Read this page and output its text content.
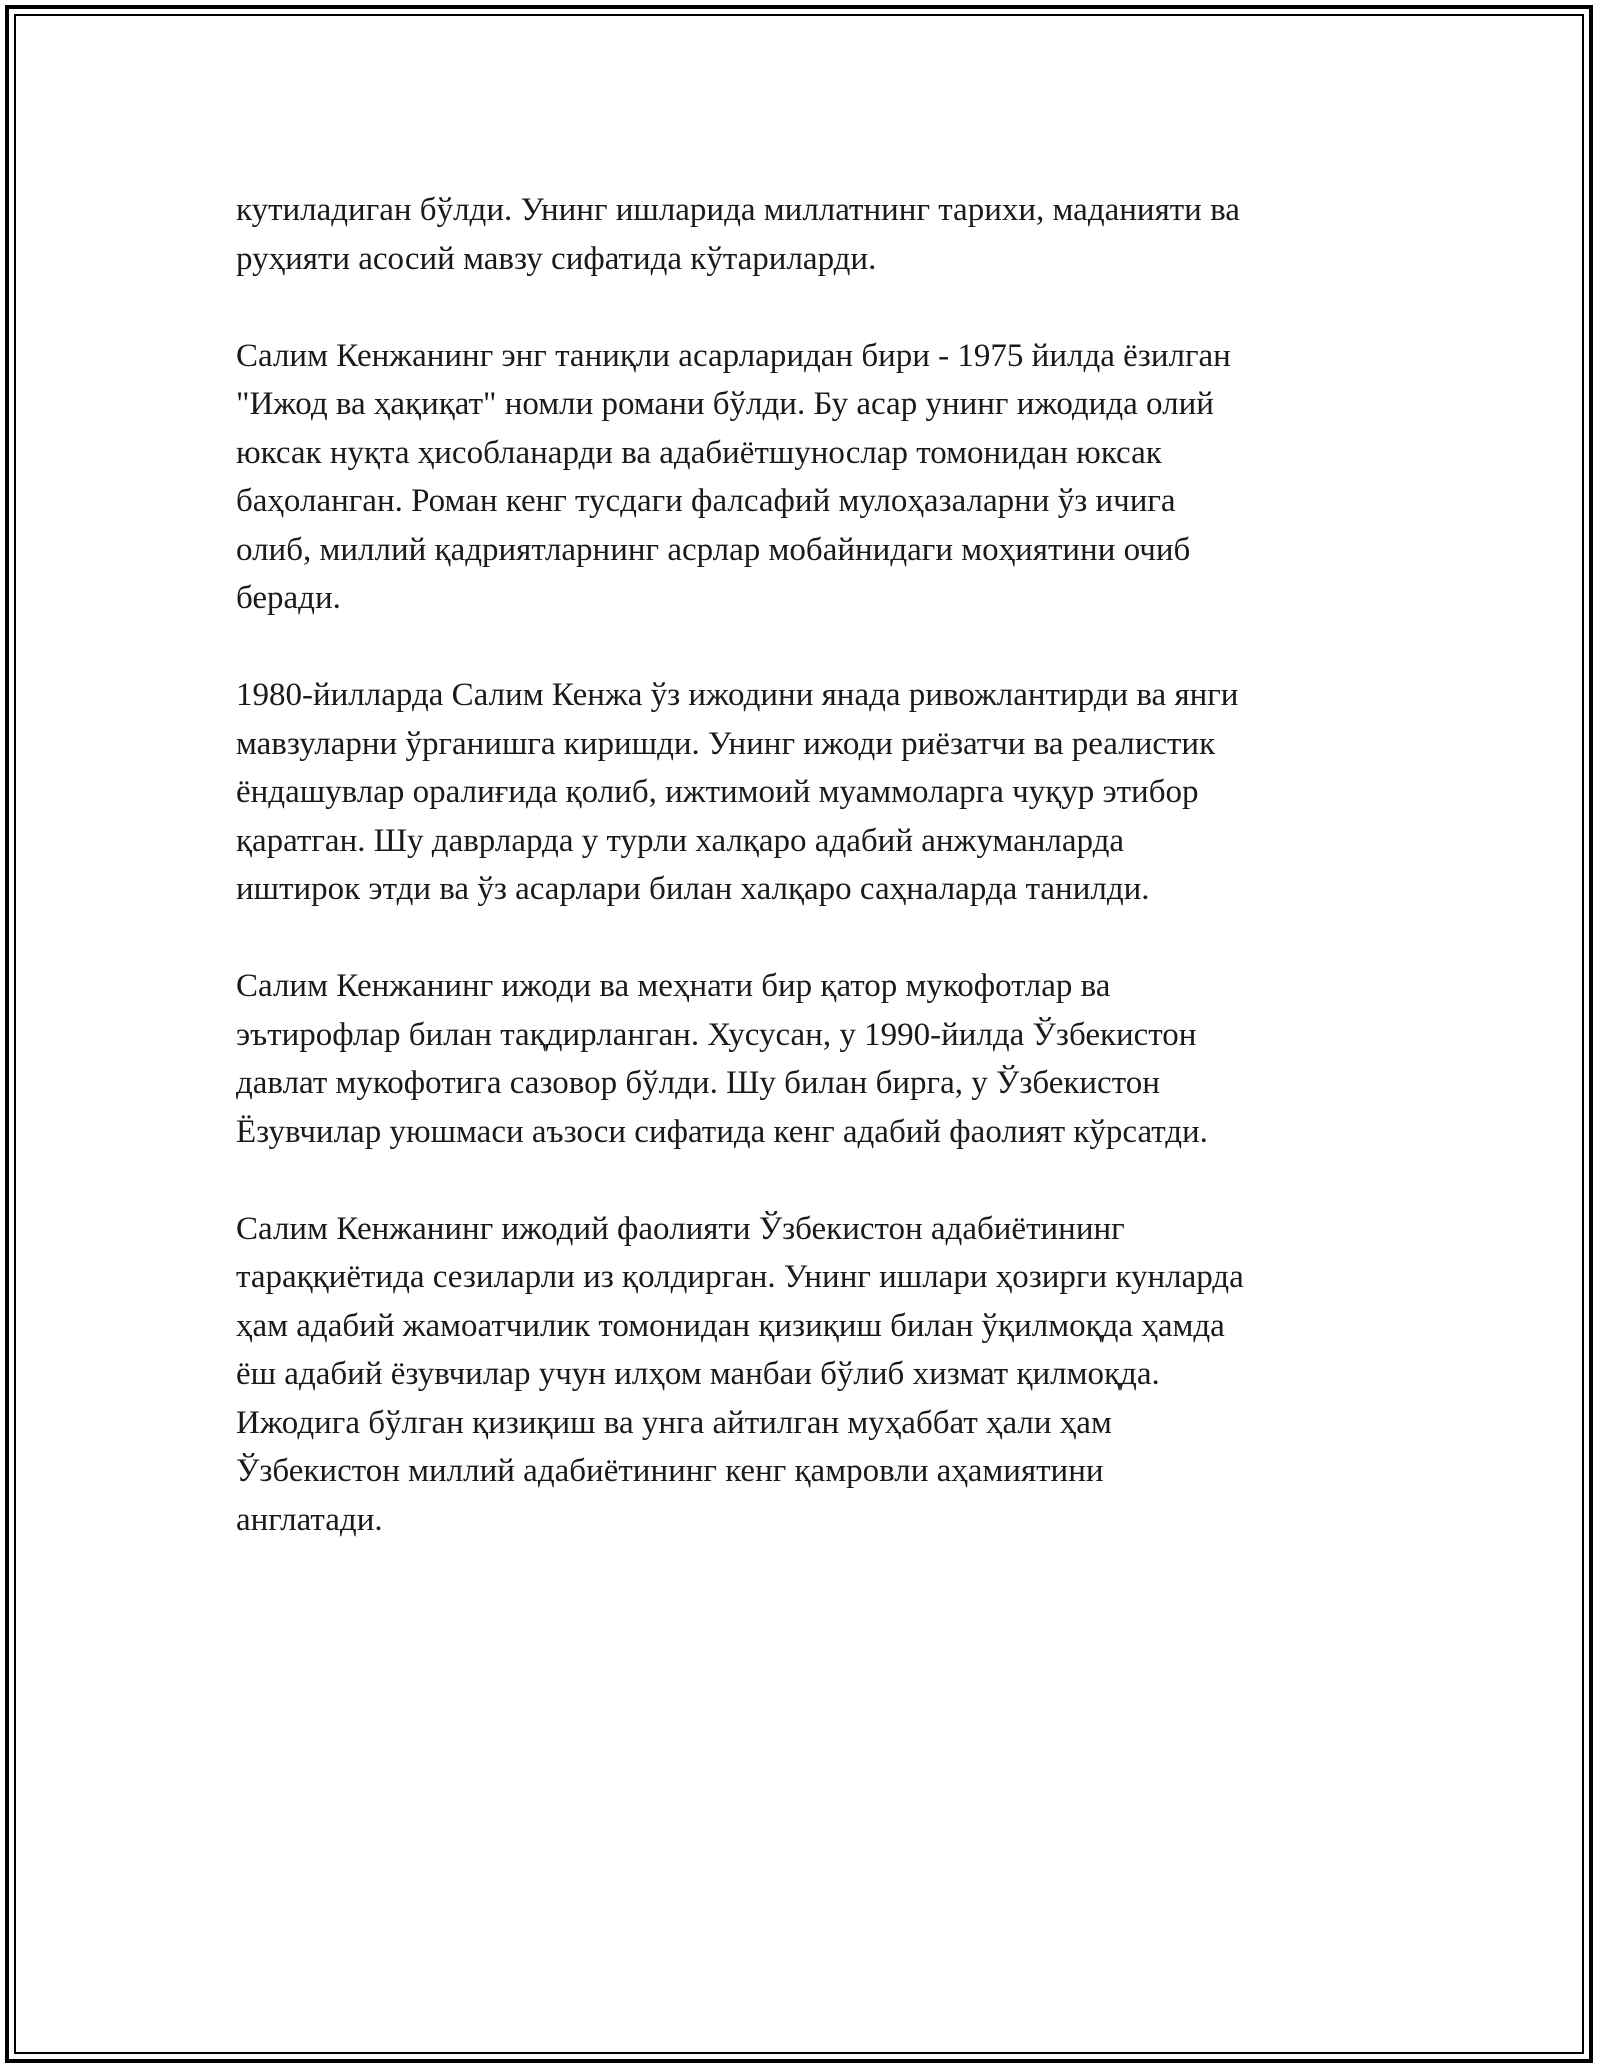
кутиладиган бўлди. Унинг ишларида миллатнинг тарихи, маданияти ва
руҳияти асосий мавзу сифатида кўтариларди.

Салим Кенжанинг энг таниқли асарларидан бири - 1975 йилда ёзилган
"Ижод ва ҳақиқат" номли романи бўлди. Бу асар унинг ижодида олий
юксак нуқта ҳисобланарди ва адабиётшунослар томонидан юксак
баҳоланган. Роман кенг тусдаги фалсафий мулоҳазаларни ўз ичига
олиб, миллий қадриятларнинг асрлар мобайнидаги моҳиятини очиб
беради.

1980-йилларда Салим Кенжа ўз ижодини янада ривожлантирди ва янги
мавзуларни ўрганишга киришди. Унинг ижоди риёзатчи ва реалистик
ёндашувлар оралиғида қолиб, ижтимоий муаммоларга чуқур этибор
қаратган. Шу даврларда у турли халқаро адабий анжуманларда
иштирок этди ва ўз асарлари билан халқаро саҳналарда танилди.

Салим Кенжанинг ижоди ва меҳнати бир қатор мукофотлар ва
эътирофлар билан тақдирланган. Хусусан, у 1990-йилда Ўзбекистон
давлат мукофотига сазовор бўлди. Шу билан бирга, у Ўзбекистон
Ёзувчилар уюшмаси аъзоси сифатида кенг адабий фаолият кўрсатди.

Салим Кенжанинг ижодий фаолияти Ўзбекистон адабиётининг
тараққиётида сезиларли из қолдирган. Унинг ишлари ҳозирги кунларда
ҳам адабий жамоатчилик томонидан қизиқиш билан ўқилмоқда ҳамда
ёш адабий ёзувчилар учун илҳом манбаи бўлиб хизмат қилмоқда.
Ижодига бўлган қизиқиш ва унга айтилган муҳаббат ҳали ҳам
Ўзбекистон миллий адабиётининг кенг қамровли аҳамиятини
англатади.
